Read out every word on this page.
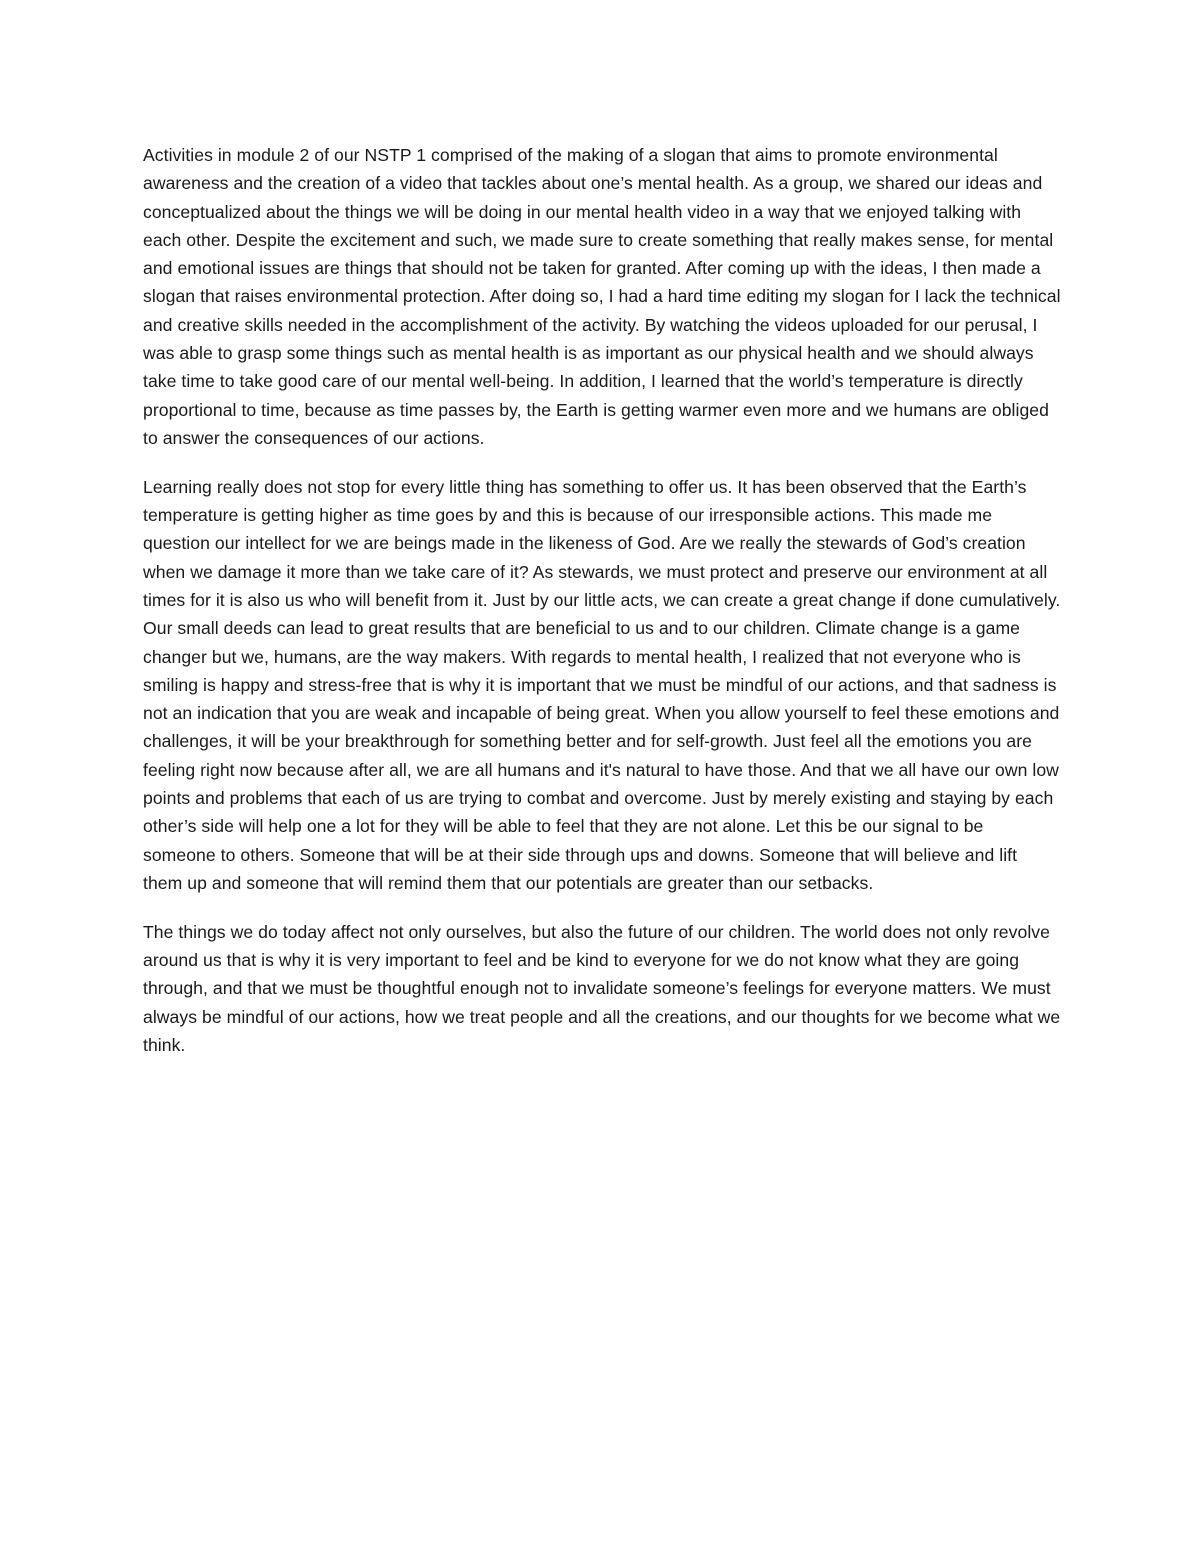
Activities in module 2 of our NSTP 1 comprised of the making of a slogan that aims to promote environmental awareness and the creation of a video that tackles about one’s mental health. As a group, we shared our ideas and conceptualized about the things we will be doing in our mental health video in a way that we enjoyed talking with each other. Despite the excitement and such, we made sure to create something that really makes sense, for mental and emotional issues are things that should not be taken for granted. After coming up with the ideas, I then made a slogan that raises environmental protection. After doing so, I had a hard time editing my slogan for I lack the technical and creative skills needed in the accomplishment of the activity. By watching the videos uploaded for our perusal, I was able to grasp some things such as mental health is as important as our physical health and we should always take time to take good care of our mental well-being. In addition, I learned that the world’s temperature is directly proportional to time, because as time passes by, the Earth is getting warmer even more and we humans are obliged to answer the consequences of our actions.

Learning really does not stop for every little thing has something to offer us. It has been observed that the Earth’s temperature is getting higher as time goes by and this is because of our irresponsible actions. This made me question our intellect for we are beings made in the likeness of God. Are we really the stewards of God’s creation when we damage it more than we take care of it? As stewards, we must protect and preserve our environment at all times for it is also us who will benefit from it. Just by our little acts, we can create a great change if done cumulatively. Our small deeds can lead to great results that are beneficial to us and to our children. Climate change is a game changer but we, humans, are the way makers. With regards to mental health, I realized that not everyone who is smiling is happy and stress-free that is why it is important that we must be mindful of our actions, and that sadness is not an indication that you are weak and incapable of being great. When you allow yourself to feel these emotions and challenges, it will be your breakthrough for something better and for self-growth. Just feel all the emotions you are feeling right now because after all, we are all humans and it's natural to have those. And that we all have our own low points and problems that each of us are trying to combat and overcome. Just by merely existing and staying by each other’s side will help one a lot for they will be able to feel that they are not alone. Let this be our signal to be someone to others. Someone that will be at their side through ups and downs. Someone that will believe and lift them up and someone that will remind them that our potentials are greater than our setbacks.

The things we do today affect not only ourselves, but also the future of our children. The world does not only revolve around us that is why it is very important to feel and be kind to everyone for we do not know what they are going through, and that we must be thoughtful enough not to invalidate someone’s feelings for everyone matters. We must always be mindful of our actions, how we treat people and all the creations, and our thoughts for we become what we think.
